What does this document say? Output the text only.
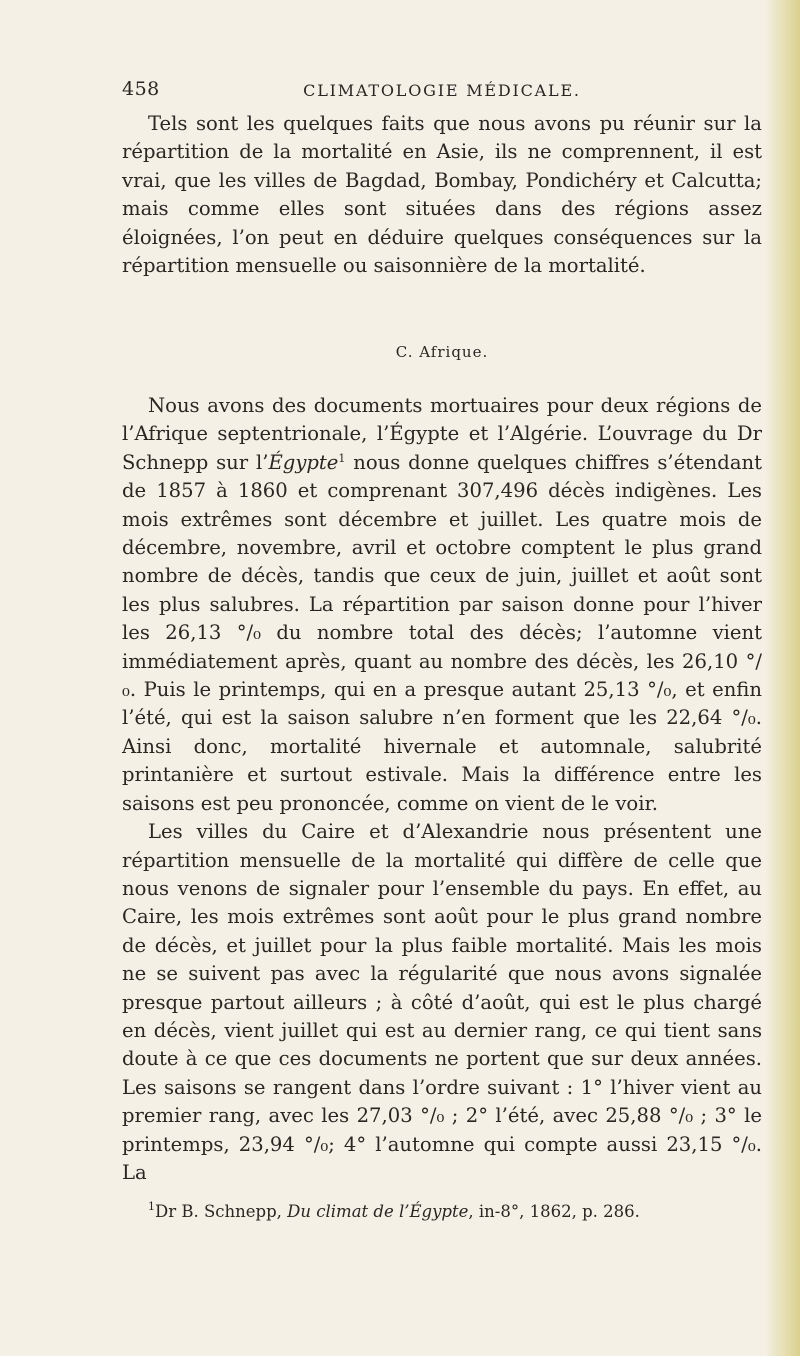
458	CLIMATOLOGIE MÉDICALE.

Tels sont les quelques faits que nous avons pu réunir sur la répartition de la mortalité en Asie, ils ne comprennent, il est vrai, que les villes de Bagdad, Bombay, Pondichéry et Calcutta; mais comme elles sont situées dans des régions assez éloignées, l’on peut en déduire quelques conséquences sur la répartition mensuelle ou saisonnière de la mortalité.

C. Afrique.

Nous avons des documents mortuaires pour deux régions de l’Afrique septentrionale, l’Égypte et l’Algérie. L’ouvrage du Dr Schnepp sur l’Égypte$^1$ nous donne quelques chiffres s’étendant de 1857 à 1860 et comprenant 307,496 décès indigènes. Les mois extrêmes sont décembre et juillet. Les quatre mois de décembre, novembre, avril et octobre comptent le plus grand nombre de décès, tandis que ceux de juin, juillet et août sont les plus salubres. La répartition par saison donne pour l’hiver les 26,13 °/₀ du nombre total des décès; l’automne vient immédiatement après, quant au nombre des décès, les 26,10 °/₀. Puis le printemps, qui en a presque autant 25,13 °/₀, et enfin l’été, qui est la saison salubre n’en forment que les 22,64 °/₀. Ainsi donc, mortalité hivernale et automnale, salubrité printanière et surtout estivale. Mais la différence entre les saisons est peu prononcée, comme on vient de le voir.

Les villes du Caire et d’Alexandrie nous présentent une répartition mensuelle de la mortalité qui diffère de celle que nous venons de signaler pour l’ensemble du pays. En effet, au Caire, les mois extrêmes sont août pour le plus grand nombre de décès, et juillet pour la plus faible mortalité. Mais les mois ne se suivent pas avec la régularité que nous avons signalée presque partout ailleurs ; à côté d’août, qui est le plus chargé en décès, vient juillet qui est au dernier rang, ce qui tient sans doute à ce que ces documents ne portent que sur deux années. Les saisons se rangent dans l’ordre suivant : 1° l’hiver vient au premier rang, avec les 27,03 °/₀ ; 2° l’été, avec 25,88 °/₀ ; 3° le printemps, 23,94 °/₀; 4° l’automne qui compte aussi 23,15 °/₀. La

$^1$Dr B. Schnepp, Du climat de l’Égypte, in-8°, 1862, p. 286.
